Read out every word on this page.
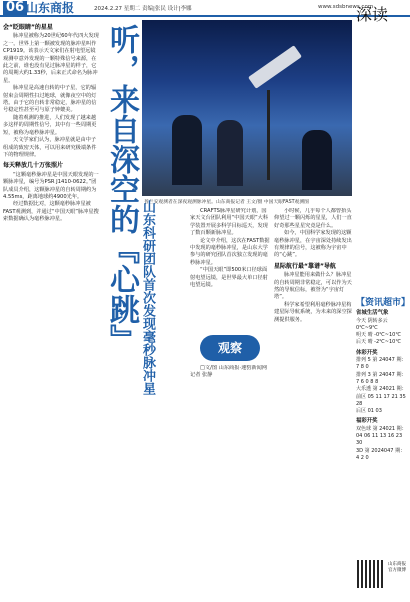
06 山东商报	2024.2.27 星期二 责编|张民 设计|李娜	www.sdsbnews.com
深读
会“眨眼睛”的星星

脉冲星被称为20世纪60年代四大发现之一。世界上第一颗被发现的脉冲星叫作CP1919。该表示天文家们在射电望远镜观测中意外发现的一颗特殊信号来源，在此之前，谁也没有见过脉冲星的样子，它的周期大约1.33秒，后来正式命名为脉冲星。

脉冲星是高速自转的中子星，它的辐射束会周期性扫过地球，就像夜空中的灯塔。由于它的自转非常稳定，脉冲星的信号稳定性甚至可与原子钟媲美。

随着观测的推进，人们发现了越来越多这样的周期性信号，其中有一些周期更短，被称为毫秒脉冲星。

天文学家们认为，脉冲星就是由中子组成的致密天体，可以用来研究极端条件下的物理规律。

每天释放几十万张照片

“这颗毫秒脉冲星是中国天眼发现的一颗脉冲星，编号为PSR J1410-0622。”团队成员介绍，这颗脉冲星的自转周期约为4.55ms，距离地球约4900光年。

经过数据比对，这颗毫秒脉冲星被FAST观测到，并通过“中国天眼”脉冲星搜索数据确认为毫秒脉冲星。	听，来自深空的『心跳』 山东科研团队首次发现毫秒脉冲星
普兰安观测者在深夜观测脉冲星。山东商报记者 王文/摄 中国天眼FAST观测图

CRAFTS脉冲星研究计划，国家天文台团队利用“中国天眼”大科学装置开展多科学目标巡天，发现了数百颗新脉冲星。

论文中介绍，这次在FAST数据中发现的毫秒脉冲星，是山东大学参与的研究团队首次独立发现的毫秒脉冲星。

“中国天眼”即500米口径球面射电望远镜，是世界最大单口径射电望远镜。

小时候，几乎每个人都曾抬头仰望过一颗闪烁的星星，人们一直好奇那些星星究竟是什么。

如今，中国科学家发现的这颗毫秒脉冲星，在宇宙深处持续发出有规律的信号，这被称为宇宙中的“心跳”。

星际航行最“靠谱”导航

脉冲星能用来做什么？脉冲星的自转周期非常稳定，可以作为天然的导航信标，被誉为“宇宙灯塔”。

科学家希望利用毫秒脉冲星构建星际导航系统，为未来的深空探测提供服务。

观察

□文/图 山东商报·速豹新闻网记者 张静

【资讯超市】
省城生活气象
今天 阴转多云 0℃~9℃
明天 晴 -0℃~10℃
后天 晴 -2℃~10℃
体彩开奖
排列 5 第 24047 期：7 8 0
排列 3 第 24047 期：7 6 0 8 8
大乐透 第 24021 期：
前区 05 11 17 21 35 28
后区 01 03
福彩开奖
双色球 第 24021 期：
04 06 11 13 16 23 30
3D 第 2024047 期：4 2 0
山东商报官方微博
